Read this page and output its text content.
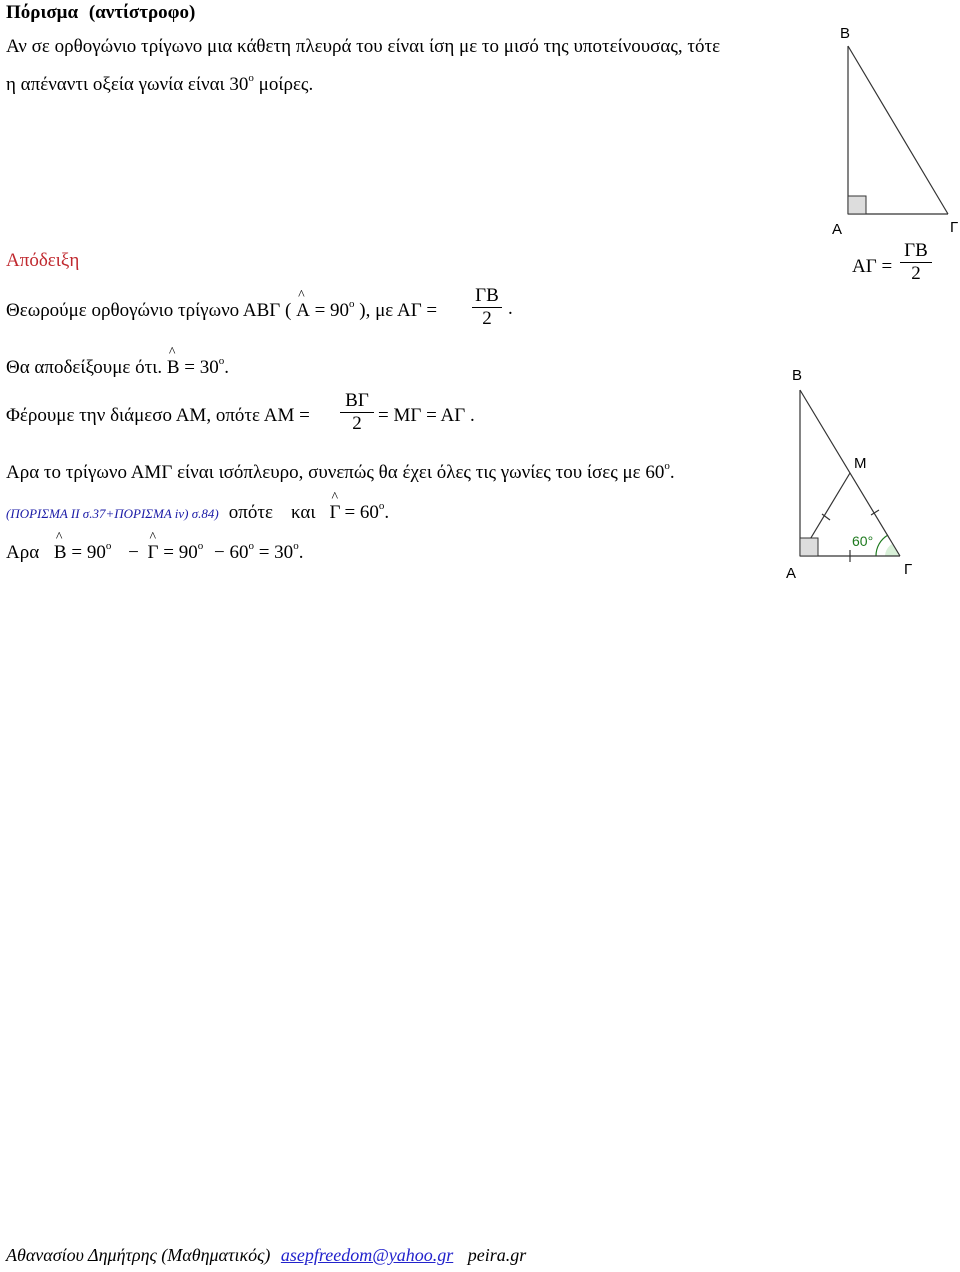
Πόρισμα (αντίστροφο)
Αν σε ορθογώνιο τρίγωνο μια κάθετη πλευρά του είναι ίση με το μισό της υποτείνουσας, τότε
η απέναντι οξεία γωνία είναι 30$^o$ μοίρες.
Απόδειξη
Θεωρούμε ορθογώνιο τρίγωνο ΑΒΓ ( ^ $A = 90^o$ ), με ΑΓ =
ΓΒ
2 .
Θα αποδείξουμε ότι. ^ $B = 30^o$.
Φέρουμε την διάμεσο ΑΜ, οπότε ΑΜ =
ΒΓ
2 = ΜΓ = ΑΓ .
Αρα το τρίγωνο ΑΜΓ είναι ισόπλευρο, συνεπώς θα έχει όλες τις γωνίες του ίσες με 60$^o$.
(ΠΟΡΙΣΜΑ ΙΙ σ.37+ΠΟΡΙΣΜΑ iv) σ.84) οπότε και ^ $\Gamma = 60^o$.
Αρα ^ $B = 90^o$ − ^ $\Gamma = 90^o - 60^o = 30^o$.
Β
Α	Γ
ΑΓ =
ΓΒ
2
Β
Α	Γ
Μ
60°
Αθανασίου Δημήτρης (Μαθηματικός) asepfreedom@yahoo.gr peira.gr
